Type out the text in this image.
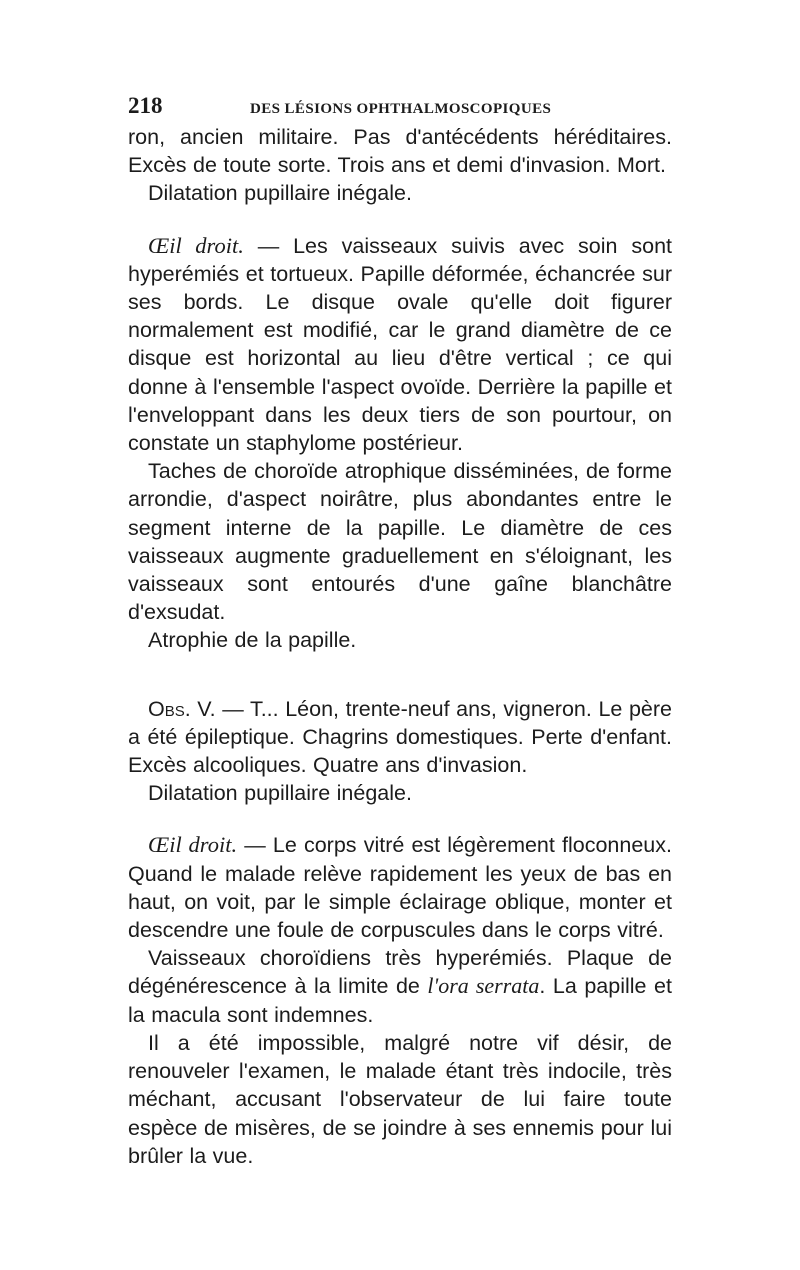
218	DES LÉSIONS OPHTHALMOSCOPIQUES

ron, ancien militaire. Pas d'antécédents héréditaires. Excès de toute sorte. Trois ans et demi d'invasion. Mort.

Dilatation pupillaire inégale.

Œil droit. — Les vaisseaux suivis avec soin sont hyperémiés et tortueux. Papille déformée, échancrée sur ses bords. Le disque ovale qu'elle doit figurer normalement est modifié, car le grand diamètre de ce disque est horizontal au lieu d'être vertical ; ce qui donne à l'ensemble l'aspect ovoïde. Derrière la papille et l'enveloppant dans les deux tiers de son pourtour, on constate un staphylome postérieur.

Taches de choroïde atrophique disséminées, de forme arrondie, d'aspect noirâtre, plus abondantes entre le segment interne de la papille. Le diamètre de ces vaisseaux augmente graduellement en s'éloignant, les vaisseaux sont entourés d'une gaîne blanchâtre d'exsudat.

Atrophie de la papille.

Obs. V. — T... Léon, trente-neuf ans, vigneron. Le père a été épileptique. Chagrins domestiques. Perte d'enfant. Excès alcooliques. Quatre ans d'invasion.

Dilatation pupillaire inégale.

Œil droit. — Le corps vitré est légèrement floconneux. Quand le malade relève rapidement les yeux de bas en haut, on voit, par le simple éclairage oblique, monter et descendre une foule de corpuscules dans le corps vitré.

Vaisseaux choroïdiens très hyperémiés. Plaque de dégénérescence à la limite de l'ora serrata. La papille et la macula sont indemnes.

Il a été impossible, malgré notre vif désir, de renouveler l'examen, le malade étant très indocile, très méchant, accusant l'observateur de lui faire toute espèce de misères, de se joindre à ses ennemis pour lui brûler la vue.
